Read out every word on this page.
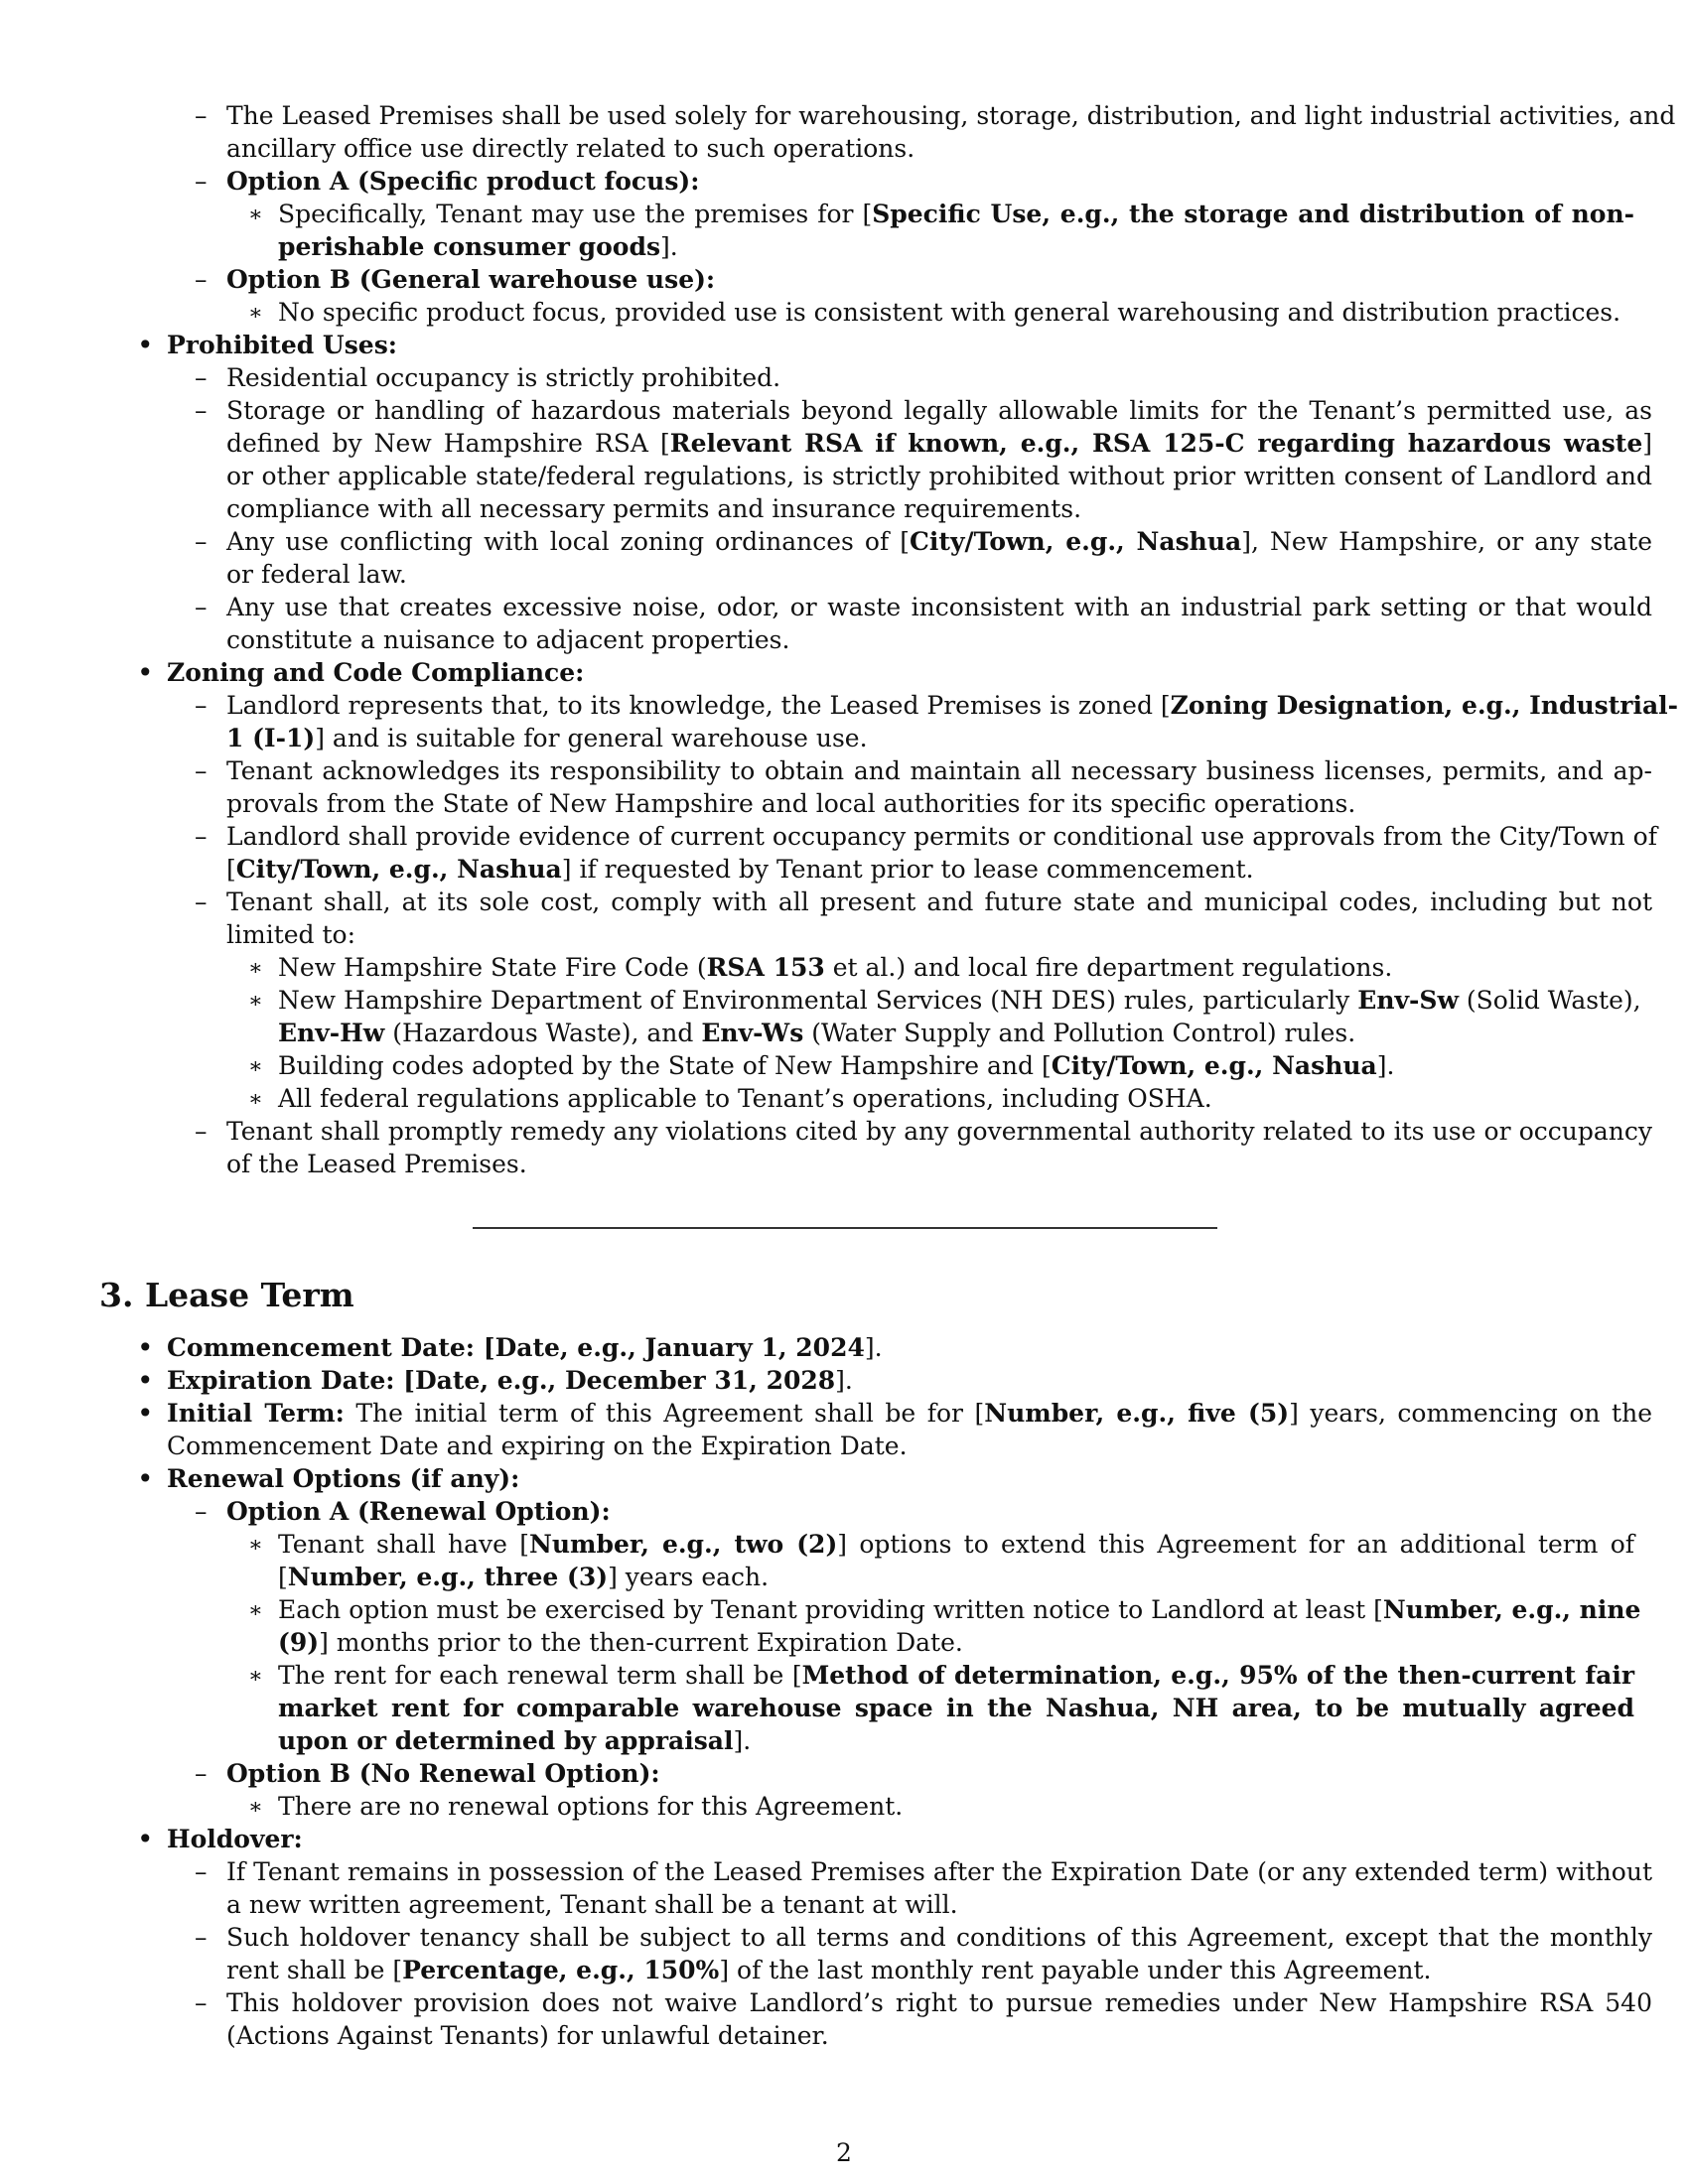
– The Leased Premises shall be used solely for warehousing, storage, distribution, and light industrial activities, and
ancillary office use directly related to such operations.
– Option A (Specific product focus):
∗ Specifically, Tenant may use the premises for [Specific Use, e.g., the storage and distribution of non-
perishable consumer goods].
– Option B (General warehouse use):
∗ No specific product focus, provided use is consistent with general warehousing and distribution practices.
• Prohibited Uses:
– Residential occupancy is strictly prohibited.
– Storage or handling of hazardous materials beyond legally allowable limits for the Tenant’s permitted use, as
defined by New Hampshire RSA [Relevant RSA if known, e.g., RSA 125-C regarding hazardous waste]
or other applicable state/federal regulations, is strictly prohibited without prior written consent of Landlord and
compliance with all necessary permits and insurance requirements.
– Any use conflicting with local zoning ordinances of [City/Town, e.g., Nashua], New Hampshire, or any state
or federal law.
– Any use that creates excessive noise, odor, or waste inconsistent with an industrial park setting or that would
constitute a nuisance to adjacent properties.
• Zoning and Code Compliance:
– Landlord represents that, to its knowledge, the Leased Premises is zoned [Zoning Designation, e.g., Industrial-
1 (I-1)] and is suitable for general warehouse use.
– Tenant acknowledges its responsibility to obtain and maintain all necessary business licenses, permits, and ap-
provals from the State of New Hampshire and local authorities for its specific operations.
– Landlord shall provide evidence of current occupancy permits or conditional use approvals from the City/Town of
[City/Town, e.g., Nashua] if requested by Tenant prior to lease commencement.
– Tenant shall, at its sole cost, comply with all present and future state and municipal codes, including but not
limited to:
∗ New Hampshire State Fire Code (RSA 153 et al.) and local fire department regulations.
∗ New Hampshire Department of Environmental Services (NH DES) rules, particularly Env-Sw (Solid Waste),
Env-Hw (Hazardous Waste), and Env-Ws (Water Supply and Pollution Control) rules.
∗ Building codes adopted by the State of New Hampshire and [City/Town, e.g., Nashua].
∗ All federal regulations applicable to Tenant’s operations, including OSHA.
– Tenant shall promptly remedy any violations cited by any governmental authority related to its use or occupancy
of the Leased Premises.
3. Lease Term
• Commencement Date: [Date, e.g., January 1, 2024].
• Expiration Date: [Date, e.g., December 31, 2028].
• Initial Term: The initial term of this Agreement shall be for [Number, e.g., five (5)] years, commencing on the
Commencement Date and expiring on the Expiration Date.
• Renewal Options (if any):
– Option A (Renewal Option):
∗ Tenant shall have [Number, e.g., two (2)] options to extend this Agreement for an additional term of
[Number, e.g., three (3)] years each.
∗ Each option must be exercised by Tenant providing written notice to Landlord at least [Number, e.g., nine
(9)] months prior to the then-current Expiration Date.
∗ The rent for each renewal term shall be [Method of determination, e.g., 95% of the then-current fair
market rent for comparable warehouse space in the Nashua, NH area, to be mutually agreed
upon or determined by appraisal].
– Option B (No Renewal Option):
∗ There are no renewal options for this Agreement.
• Holdover:
– If Tenant remains in possession of the Leased Premises after the Expiration Date (or any extended term) without
a new written agreement, Tenant shall be a tenant at will.
– Such holdover tenancy shall be subject to all terms and conditions of this Agreement, except that the monthly
rent shall be [Percentage, e.g., 150%] of the last monthly rent payable under this Agreement.
– This holdover provision does not waive Landlord’s right to pursue remedies under New Hampshire RSA 540
(Actions Against Tenants) for unlawful detainer.
2
